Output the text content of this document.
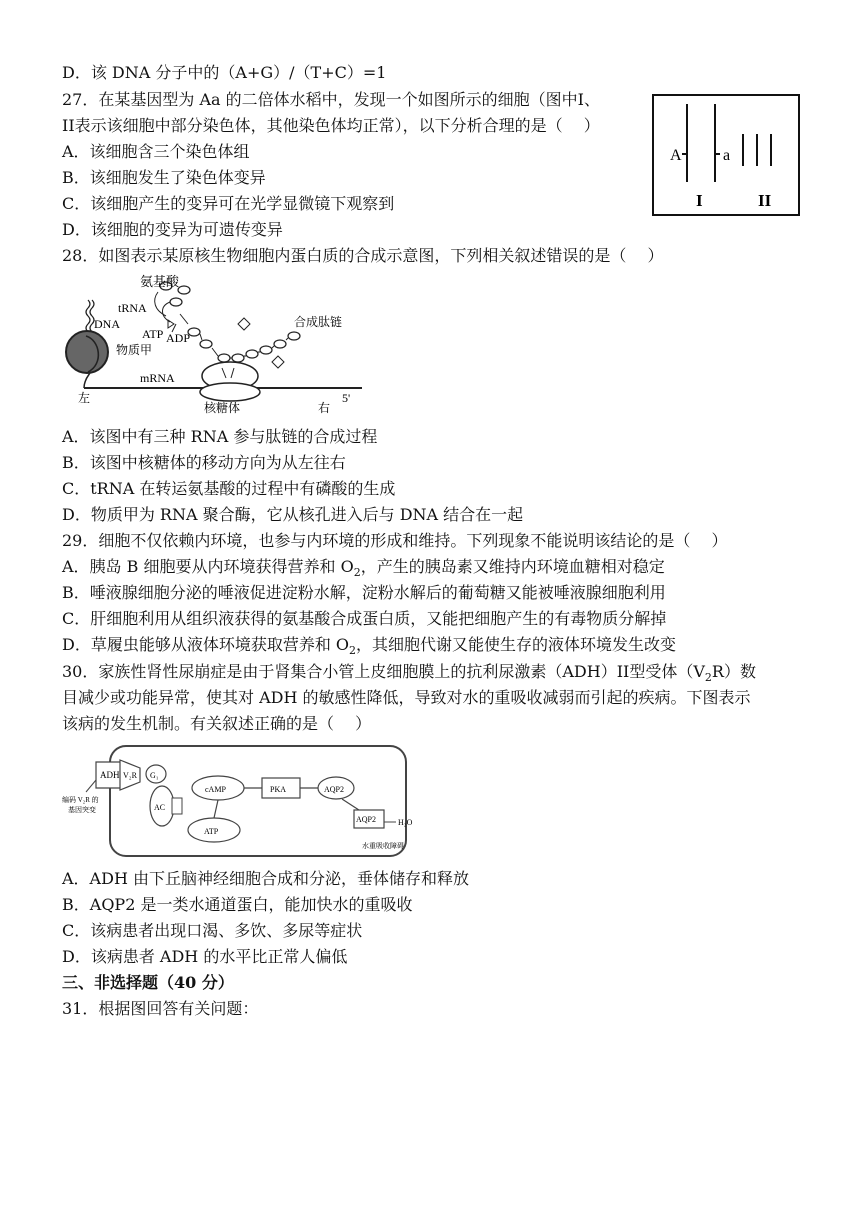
D．该 DNA 分子中的（A+G）/（T+C）=1
27．在某基因型为 Aa 的二倍体水稻中，发现一个如图所示的细胞（图中I、
II表示该细胞中部分染色体，其他染色体均正常），以下分析合理的是（　 ）
A．该细胞含三个染色体组
B．该细胞发生了染色体变异
C．该细胞产生的变异可在光学显微镜下观察到
D．该细胞的变异为可遗传变异
A	a
I	II
28．如图表示某原核生物细胞内蛋白质的合成示意图，下列相关叙述错误的是（　 ）
氨基酸
tRNA
DNA
ATP ADP
物质甲
mRNA
合成肽链
左
右
核糖体
5'
A．该图中有三种 RNA 参与肽链的合成过程
B．该图中核糖体的移动方向为从左往右
C．tRNA 在转运氨基酸的过程中有磷酸的生成
D．物质甲为 RNA 聚合酶，它从核孔进入后与 DNA 结合在一起
29．细胞不仅依赖内环境，也参与内环境的形成和维持。下列现象不能说明该结论的是（　 ）
A．胰岛 B 细胞要从内环境获得营养和 $O_2$，产生的胰岛素又维持内环境血糖相对稳定
B．唾液腺细胞分泌的唾液促进淀粉水解，淀粉水解后的葡萄糖又能被唾液腺细胞利用
C．肝细胞利用从组织液获得的氨基酸合成蛋白质，又能把细胞产生的有毒物质分解掉
D．草履虫能够从液体环境获取营养和 $O_2$，其细胞代谢又能使生存的液体环境发生改变
30．家族性肾性尿崩症是由于肾集合小管上皮细胞膜上的抗利尿激素（ADH）II型受体$(V_2R)$数
目减少或功能异常，使其对 ADH 的敏感性降低，导致对水的重吸收减弱而引起的疾病。下图表示
该病的发生机制。有关叙述正确的是（　 ）
ADH V₂R G₁
AC
cAMP
ATP
PKA	AQP2
AQP2	H₂O
编码 V₂R 的
基因突变
水重吸收障碍
A．ADH 由下丘脑神经细胞合成和分泌，垂体储存和释放
B．AQP2 是一类水通道蛋白，能加快水的重吸收
C．该病患者出现口渴、多饮、多尿等症状
D．该病患者 ADH 的水平比正常人偏低
三、非选择题（40 分）
31．根据图回答有关问题：
